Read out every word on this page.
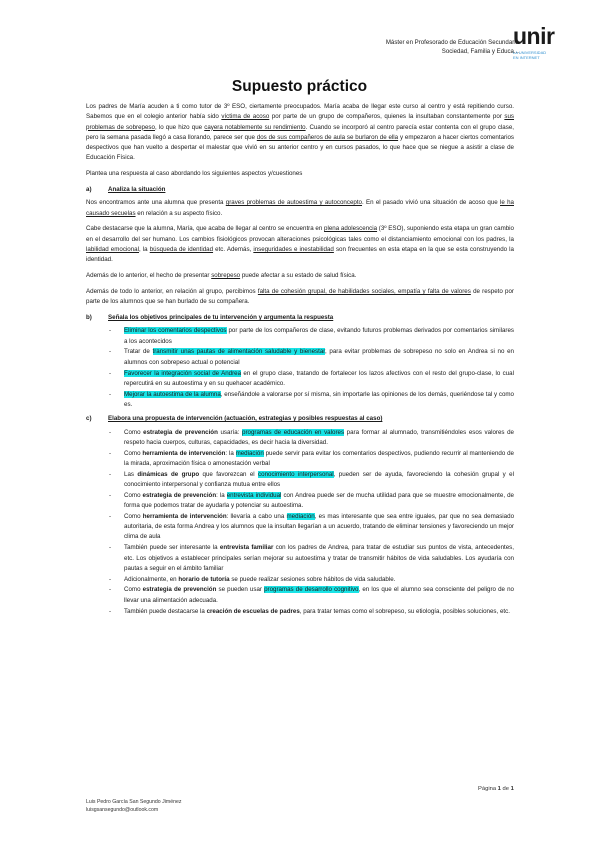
Máster en Profesorado de Educación Secundaria
Sociedad, Familia y Educa...
unir
LA UNIVERSIDAD
EN INTERNET
Supuesto práctico

Los padres de María acuden a ti como tutor de 3º ESO, ciertamente preocupados. María acaba de llegar este curso al centro y está repitiendo curso. Sabemos que en el colegio anterior había sido víctima de acoso por parte de un grupo de compañeros, quienes la insultaban constantemente por sus problemas de sobrepeso, lo que hizo que cayera notablemente su rendimiento. Cuando se incorporó al centro parecía estar contenta con el grupo clase, pero la semana pasada llegó a casa llorando, parece ser que dos de sus compañeros de aula se burlaron de ella y empezaron a hacer ciertos comentarios despectivos que han vuelto a despertar el malestar que vivió en su anterior centro y en cursos pasados, lo que hace que se niegue a asistir a clase de Educación Física.

Plantea una respuesta al caso abordando los siguientes aspectos y/cuestiones

a)	Analiza la situación

Nos encontramos ante una alumna que presenta graves problemas de autoestima y autoconcepto. En el pasado vivió una situación de acoso que le ha causado secuelas en relación a su aspecto físico.

Cabe destacarse que la alumna, María, que acaba de llegar al centro se encuentra en plena adolescencia (3º ESO), suponiendo esta etapa un gran cambio en el desarrollo del ser humano. Los cambios fisiológicos provocan alteraciones psicológicas tales como el distanciamiento emocional con los padres, la labilidad emocional, la búsqueda de identidad etc. Además, inseguridades e inestabilidad son frecuentes en esta etapa en la que se esta construyendo la identidad.

Además de lo anterior, el hecho de presentar sobrepeso puede afectar a su estado de salud física.

Además de todo lo anterior, en relación al grupo, percibimos falta de cohesión grupal, de habilidades sociales, empatía y falta de valores de respeto por parte de los alumnos que se han burlado de su compañera.

b)	Señala los objetivos principales de tu intervención y argumenta la respuesta
- Eliminar los comentarios despectivos por parte de los compañeros de clase, evitando futuros problemas derivados por comentarios similares a los acontecidos
- Tratar de transmitir unas pautas de alimentación saludable y bienestar, para evitar problemas de sobrepeso no solo en Andrea si no en alumnos con sobrepeso actual o potencial
- Favorecer la integración social de Andrea en el grupo clase, tratando de fortalecer los lazos afectivos con el resto del grupo-clase, lo cual repercutirá en su autoestima y en su quehacer académico.
- Mejorar la autoestima de la alumna, enseñándole a valorarse por sí misma, sin importarle las opiniones de los demás, queriéndose tal y como es.
c)	Elabora una propuesta de intervención (actuación, estrategias y posibles respuestas al caso)
- Como estrategia de prevención usaría: programas de educación en valores para formar al alumnado, transmitiéndoles esos valores de respeto hacia cuerpos, culturas, capacidades, es decir hacia la diversidad.
- Como herramienta de intervención: la mediación puede servir para evitar los comentarios despectivos, pudiendo recurrir al manteniendo de la mirada, aproximación física o amonestación verbal
- Las dinámicas de grupo que favorezcan el conocimiento interpersonal, pueden ser de ayuda, favoreciendo la cohesión grupal y el conocimiento interpersonal y confianza mutua entre ellos
- Como estrategia de prevención: la entrevista individual con Andrea puede ser de mucha utilidad para que se muestre emocionalmente, de forma que podemos tratar de ayudarla y potenciar su autoestima.
- Como herramienta de intervención: llevaría a cabo una mediación, es mas interesante que sea entre iguales, par que no sea demasiado autoritaria, de esta forma Andrea y los alumnos que la insultan llegarían a un acuerdo, tratando de eliminar tensiones y favoreciendo un mejor clima de aula
- También puede ser interesante la entrevista familiar con los padres de Andrea, para tratar de estudiar sus puntos de vista, antecedentes, etc. Los objetivos a establecer principales serían mejorar su autoestima y tratar de transmitir hábitos de vida saludables. Los ayudaría con pautas a seguir en el ámbito familiar
- Adicionalmente, en horario de tutoría se puede realizar sesiones sobre hábitos de vida saludable.
- Como estrategia de prevención se pueden usar programas de desarrollo cognitivo, en los que el alumno sea consciente del peligro de no llevar una alimentación adecuada.
- También puede destacarse la creación de escuelas de padres, para tratar temas como el sobrepeso, su etiología, posibles soluciones, etc.
Página 1 de 1
Luis Pedro García San Segundo Jiménez
luisgsansegundo@outlook.com
